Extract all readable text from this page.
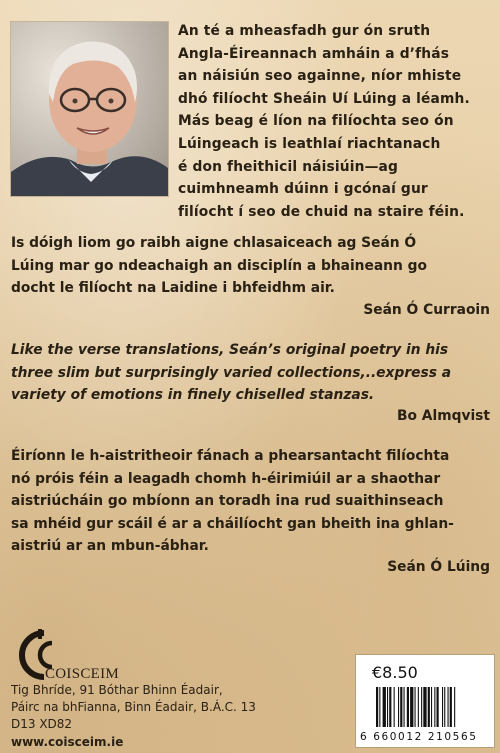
An té a mheasfadh gur ón sruth
Angla-Éireannach amháin a d’fhás
an náisiún seo againne, níor mhiste
dhó filíocht Sheáin Uí Lúing a léamh.
Más beag é líon na filíochta seo ón
Lúingeach is leathlaí riachtanach
é don fheithicil náisiúin—ag
cuimhneamh dúinn i gcónaí gur
filíocht í seo de chuid na staire féin.
Is dóigh liom go raibh aigne chlasaiceach ag Seán Ó
Lúing mar go ndeachaigh an disciplín a bhaineann go
docht le filíocht na Laidine i bhfeidhm air.
Seán Ó Curraoin
Like the verse translations, Seán’s original poetry in his
three slim but surprisingly varied collections,..express a
variety of emotions in finely chiselled stanzas.
Bo Almqvist
Éiríonn le h-aistritheoir fánach a phearsantacht filíochta
nó próis féin a leagadh chomh h-éirimiúil ar a shaothar
aistriúcháin go mbíonn an toradh ina rud suaithinseach
sa mhéid gur scáil é ar a cháilíocht gan bheith ina ghlan-
aistriú ar an mbun-ábhar.
Seán Ó Lúing
COISCEIM
Tig Bhríde, 91 Bóthar Bhinn Éadair,
Páirc na bhFianna, Binn Éadair, B.Á.C. 13
D13 XD82
www.coisceim.ie
€8.50
6 660012 210565
